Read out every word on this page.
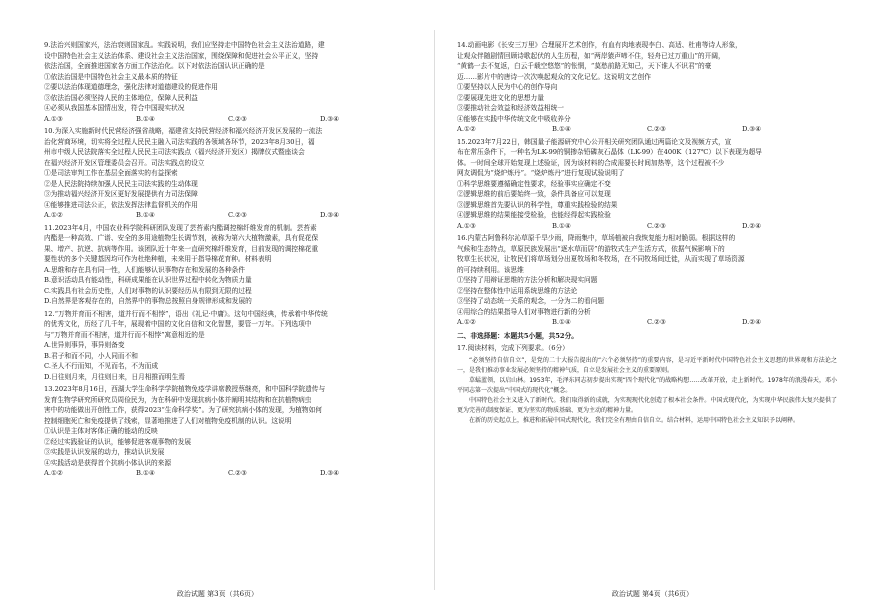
9.法治兴则国家兴，法治衰则国家乱。实践说明，我们应坚持走中国特色社会主义法治道路，建
设中国特色社会主义法治体系、建设社会主义法治国家，围绕保障和促进社会公平正义，坚持
依法治国，全面推进国家各方面工作法治化。以下对依法治国认识正确的是
①依法治国是中国特色社会主义最本质的特征
②要以法治体现道德理念，强化法律对道德建设的促进作用
③依法治国必须坚持人民的主体地位，保障人民利益
④必须从我国基本国情出发，符合中国现实状况
A.①③	B.①④	C.②③	D.③④
10.为深入实施新时代民营经济强省战略，福建省支持民营经济和福兴经济开发区发展的一流法
治化营商环境，切实将全过程人民民主融入司法实践的各领域各环节，2023年8月30日，福
州市中级人民法院落实全过程人民民主司法实践点（福兴经济开发区）揭牌仪式暨座谈会
在福兴经济开发区管理委员会召开。司法实践点的设立
①是司法审判工作在基层全面落实的有益探索
②是人民法院持续加强人民民主司法实践的生动体现
③为推动福兴经济开发区更好发展提供有力司法保障
④能够推进司法公正，依法发挥法律监督机关的作用
A.①②	B.①④	C.②③	D.③④
11.2023年4月，中国农业科学院科研团队发现了芸苔素内酯调控棉纤维发育的机制。芸苔素
内酯是一种高效、广谱、安全的多用途植物生长调节剂，被称为第六大植物激素，具有促花保
果、增产、抗逆、抗病等作用。该团队近十年来一直研究棉纤维发育，目前发现的调控棉花重
要性状的多个关键基因均可作为杜绝种植，未来用于指导棉花育种。材料表明
A.思维和存在具有同一性，人们能够认识事物存在和发展的各种条件
B.意识活动具有能动性，科研成果能在认识世界过程中转化为物质力量
C.实践具有社会历史性，人们对事物的认识要经历从有限到无限的过程
D.自然界是客观存在的，自然界中的事物总按照自身规律形成和发展的
12.“万物并育而不相害，道并行而不相悖”，语出《礼记·中庸》。这句中国经典，传承着中华传统
的优秀文化，历经了几千年，展现着中国的文化自信和文化智慧，要管一万年。下列选项中
与“万物并育而不相害，道并行而不相悖”寓意相近的是
A.世异则事异，事异则备变
B.君子和而不同，小人同而不和
C.圣人不行而知，不见而名，不为而成
D.日往则月来，月往则日来，日月相推而明生焉
13.2023年8月16日，西湖大学生命科学学院植物免疫学讲席教授蔡继亮，和中国科学院遗传与
发育生物学研究所研究员周俭民为，为在科研中发现抗病小体并阐明其结构和在抗植物病虫
害中的功能做出开创性工作，获得2023“生命科学奖”。为了研究抗病小体的发现，为植物如何
控制细胞死亡和免疫提供了线索，显著地推进了人们对植物免疫机制的认识。这说明
①认识是主体对客体正确的能动的反映
②经过实践验证的认识，能够促进客观事物的发展
③实践是认识发展的动力，推动认识发展
④实践活动是获得首个抗病小体认识的来源
A.①②	B.①④	C.②③	D.③④
政治试题 第3页（共6页）
14.动画电影《长安三万里》合理展开艺术创作，有血有肉地表现李白、高适、杜甫等诗人形象，
让观众伴随剧情回顾诗歌起伏的人生历程，如“两岸猿声啼不住，轻舟已过万重山”的开阔，
“黄鹤一去不复返，白云千载空悠悠”的怅惘，“莫愁前路无知己，天下谁人不识君”的豪
迈……影片中的唐诗一次次唤起观众的文化记忆。这说明文艺创作
①要坚持以人民为中心的创作导向
②要展现先进文化的思想力量
③要推动社会效益和经济效益相统一
④能够在实践中华传统文化中吸收养分
A.①②	B.①④	C.②③	D.③④
15.2023年7月22日，韩国量子能源研究中心公开相关研究团队通过两篇论文及视频方式，宣
布在常压条件下，一种名为LK-99的铜掺杂铅磷灰石晶体（LK-99）在400K（127℃）以下表现为超导
体。一时间全球开始复现上述验证，因为该材料的合成需要长时间加热等，这个过程被不少
网友调侃为“烧炉炼丹”。“烧炉炼丹”进行复现试验说明了
①科学思维要遵循确定性要求，经验事实应确定不变
②逻辑思维的前后要始终一致，条件具备应可以复现
③逻辑思维首先要认识的科学性，尊重实践检验的结果
④逻辑思维的结果能接受检验，也能经得起实践检验
A.①③	B.①④	C.②③	D.②④
16.内蒙古阿鲁科尔沁草原千旱少雨，降雨集中，草场植被自我恢复能力相对脆弱。根据这样的
气候和生态特点，草原民族发展出“逐水草而居”的游牧式生产生活方式，依据气候影响下的
牧草生长状况，让牧民们将草场划分出夏牧场和冬牧场，在不同牧场间迁徙，从而实现了草场资源
的可持续利用。该思维
①坚持了用辩证思维的方法分析和解决现实问题
②坚持在整体性中运用系统思维的方法论
③坚持了动态统一关系的观念，一分为二的看问题
④用综合的结果指导人们对事物进行新的分析
A.①②	B.①④	C.②③	D.②④
二、非选择题：本题共5小题，共52分。
17.阅读材料，完成下列要求。（6分）

“必须坚持自信自立”，是党的二十大报告提出的“六个必须坚持”的重要内容，是习近平新时代中国特色社会主义思想的世界观和方法论之一，是我们推动事业发展必须坚持的精神气质，自立是发展社会主义的重要原则。

草蜢蓝领，以启山林。1953年，毛泽东同志初步提出实现“四个现代化”的战略构想……改革开放，走上新时代。1978年的浪漫春天，邓小平同志第一次提出“中国式的现代化”概念。

中国特色社会主义进入了新时代。我们取得新的成就，为实现现代化创造了根本社会条件。中国式现代化，为实现中华民族伟大复兴提供了更为完善的制度保证、更为坚实的物质基础、更为主动的精神力量。

在新的历史起点上，推进和拓展中国式现代化，我们完全有理由自信自立。结合材料，运用中国特色社会主义知识予以阐释。

政治试题 第4页（共6页）
